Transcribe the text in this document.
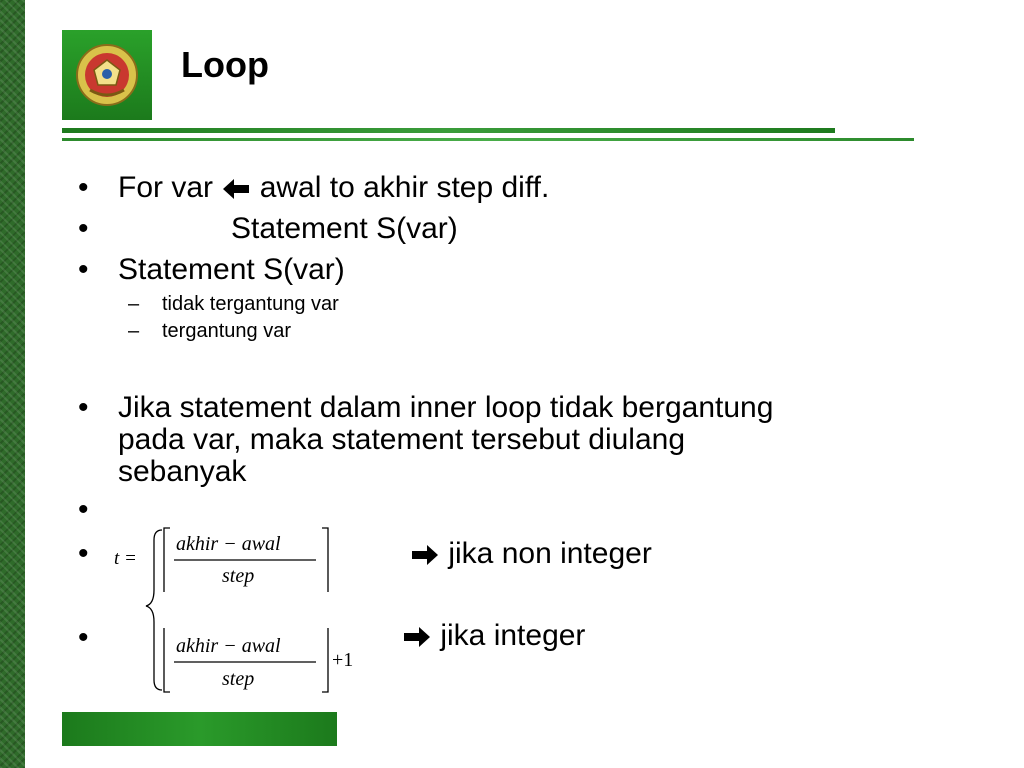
Loop
• For var awal to akhir step diff.
•	Statement S(var)
• Statement S(var)
– tidak tergantung var
– tergantung var
• Jika statement dalam inner loop tidak bergantung
pada var, maka statement tersebut diulang
sebanyak
•
•
•
t =
akhir − awal
step
akhir − awal
step
+1
jika non integer
jika integer
